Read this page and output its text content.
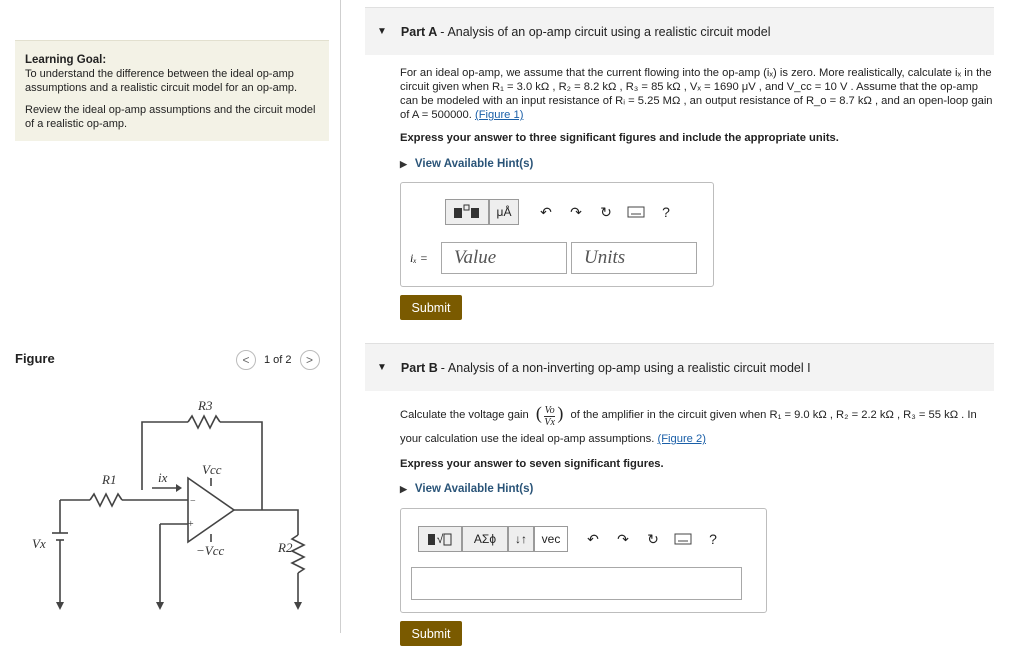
Learning Goal:
To understand the difference between the ideal op-amp assumptions and a realistic circuit model for an op-amp.

Review the ideal op-amp assumptions and the circuit model of a realistic op-amp.

Figure	<	1 of 2	>
R3
R1	ix
Vcc
−Vcc	R2
Vx
+
−
▼ Part A - Analysis of an op-amp circuit using a realistic circuit model
For an ideal op-amp, we assume that the current flowing into the op-amp (iₓ) is zero. More realistically, calculate iₓ in the circuit given when R₁ = 3.0 kΩ , R₂ = 8.2 kΩ , R₃ = 85 kΩ , Vₓ = 1690 μV , and V_cc = 10 V . Assume that the op-amp can be modeled with an input resistance of Rᵢ = 5.25 MΩ , an output resistance of R_o = 8.7 kΩ , and an open-loop gain of A = 500000. (Figure 1)
Express your answer to three significant figures and include the appropriate units.
▶ View Available Hint(s)
μÅ ↶ ↷ ↻	?
iₓ =	Value	Units
Submit
▼ Part B - Analysis of a non-inverting op-amp using a realistic circuit model I
Calculate the voltage gain ( $\frac{Vo}{Vx}$ ) of the amplifier in the circuit given when R₁ = 9.0 kΩ , R₂ = 2.2 kΩ , R₃ = 55 kΩ . In your calculation use the ideal op-amp assumptions. (Figure 2)
Express your answer to seven significant figures.
▶ View Available Hint(s)
√	ΑΣϕ ↓↑ vec ↶ ↷ ↻	?
Submit
